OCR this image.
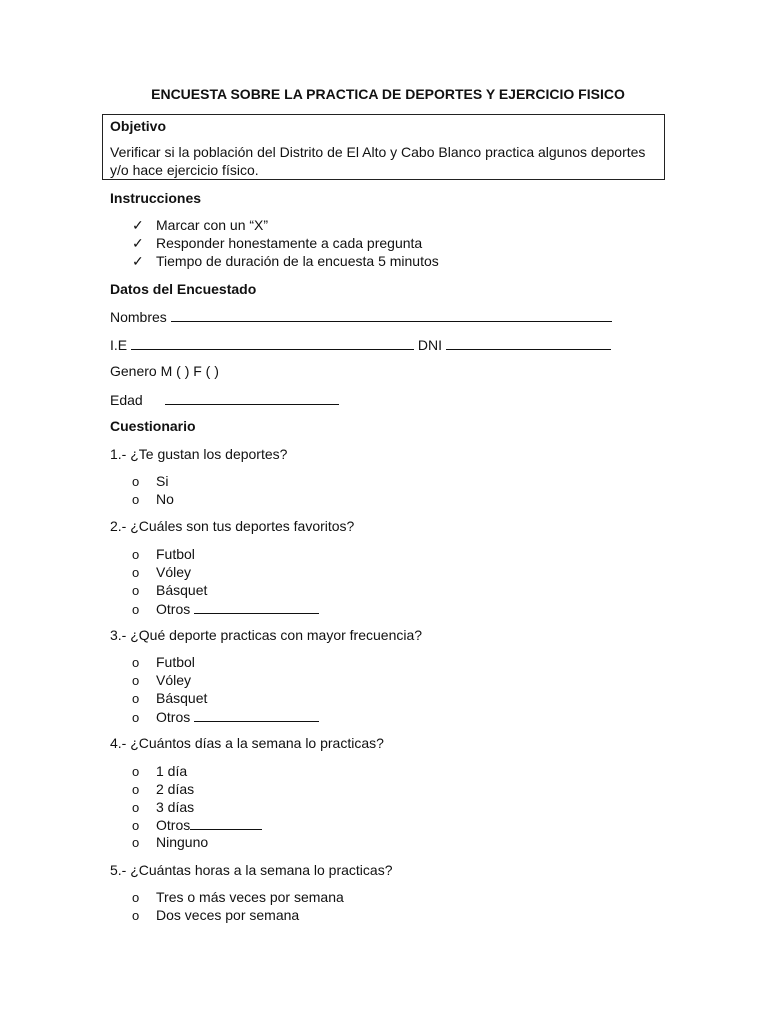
ENCUESTA SOBRE LA PRACTICA DE DEPORTES Y EJERCICIO FISICO
Objetivo
Verificar si la población del Distrito de El Alto y Cabo Blanco practica algunos deportes y/o hace ejercicio físico.
Instrucciones
✓ Marcar con un “X”
✓ Responder honestamente a cada pregunta
✓ Tiempo de duración de la encuesta 5 minutos
Datos del Encuestado
Nombres
I.E	DNI
Genero M ( ) F ( )
Edad
Cuestionario
1.- ¿Te gustan los deportes?
o Si
o No
2.- ¿Cuáles son tus deportes favoritos?
o Futbol
o Vóley
o Básquet
o Otros
3.- ¿Qué deporte practicas con mayor frecuencia?
o Futbol
o Vóley
o Básquet
o Otros
4.- ¿Cuántos días a la semana lo practicas?
o 1 día
o 2 días
o 3 días
o Otros
o Ninguno
5.- ¿Cuántas horas a la semana lo practicas?
o Tres o más veces por semana
o Dos veces por semana
